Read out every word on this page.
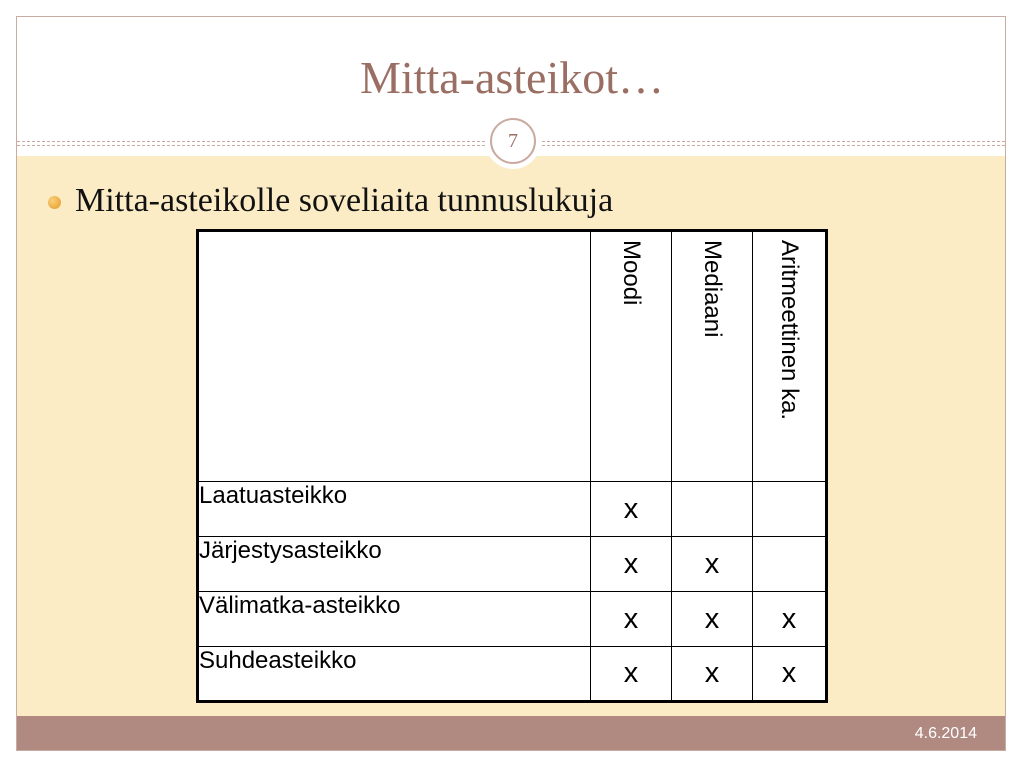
Mitta-asteikot…
7
Mitta-asteikolle soveliaita tunnuslukuja

	Moodi	Mediaani	Aritmeettinen ka.

Laatuasteikko	x		
Järjestysasteikko	x	x	
Välimatka-asteikko	x	x	x
Suhdeasteikko	x	x	x
4.6.2014
